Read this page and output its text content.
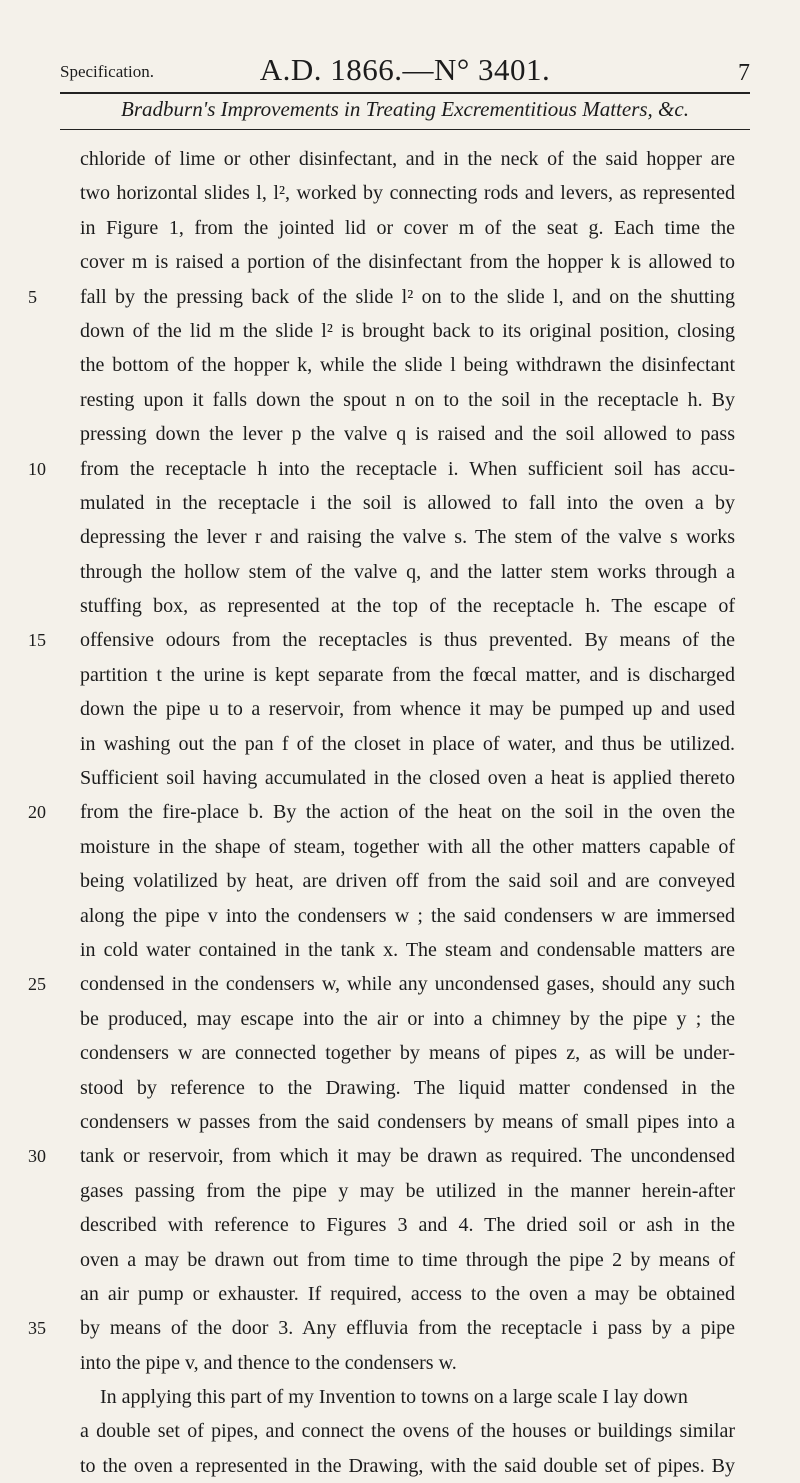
Specification.	A.D. 1866.—N° 3401.	7
Bradburn's Improvements in Treating Excrementitious Matters, &c.
chloride of lime or other disinfectant, and in the neck of the said hopper are
two horizontal slides l, l², worked by connecting rods and levers, as represented
in Figure 1, from the jointed lid or cover m of the seat g. Each time the
cover m is raised a portion of the disinfectant from the hopper k is allowed to
5	fall by the pressing back of the slide l² on to the slide l, and on the shutting
down of the lid m the slide l² is brought back to its original position, closing
the bottom of the hopper k, while the slide l being withdrawn the disinfectant
resting upon it falls down the spout n on to the soil in the receptacle h. By
pressing down the lever p the valve q is raised and the soil allowed to pass
10	from the receptacle h into the receptacle i. When sufficient soil has accu-
mulated in the receptacle i the soil is allowed to fall into the oven a by
depressing the lever r and raising the valve s. The stem of the valve s works
through the hollow stem of the valve q, and the latter stem works through a
stuffing box, as represented at the top of the receptacle h. The escape of
15	offensive odours from the receptacles is thus prevented. By means of the
partition t the urine is kept separate from the fœcal matter, and is discharged
down the pipe u to a reservoir, from whence it may be pumped up and used
in washing out the pan f of the closet in place of water, and thus be utilized.
Sufficient soil having accumulated in the closed oven a heat is applied thereto
20	from the fire-place b. By the action of the heat on the soil in the oven the
moisture in the shape of steam, together with all the other matters capable of
being volatilized by heat, are driven off from the said soil and are conveyed
along the pipe v into the condensers w ; the said condensers w are immersed
in cold water contained in the tank x. The steam and condensable matters are
25	condensed in the condensers w, while any uncondensed gases, should any such
be produced, may escape into the air or into a chimney by the pipe y ; the
condensers w are connected together by means of pipes z, as will be under-
stood by reference to the Drawing. The liquid matter condensed in the
condensers w passes from the said condensers by means of small pipes into a
30	tank or reservoir, from which it may be drawn as required. The uncondensed
gases passing from the pipe y may be utilized in the manner herein-after
described with reference to Figures 3 and 4. The dried soil or ash in the
oven a may be drawn out from time to time through the pipe 2 by means of
an air pump or exhauster. If required, access to the oven a may be obtained
35	by means of the door 3. Any effluvia from the receptacle i pass by a pipe
into the pipe v, and thence to the condensers w.
In applying this part of my Invention to towns on a large scale I lay down
a double set of pipes, and connect the ovens of the houses or buildings similar
to the oven a represented in the Drawing, with the said double set of pipes. By
